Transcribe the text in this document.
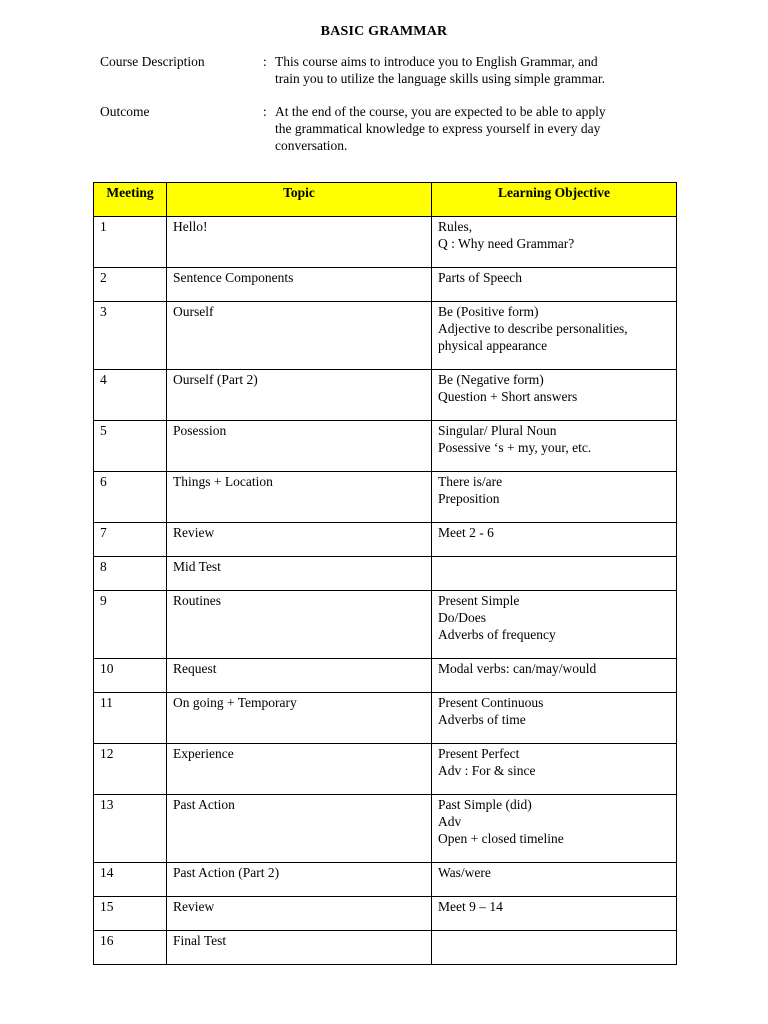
BASIC GRAMMAR
Course Description	: This course aims to introduce you to English Grammar, and
train you to utilize the language skills using simple grammar.
Outcome	: At the end of the course, you are expected to be able to apply
the grammatical knowledge to express yourself in every day
conversation.
Meeting	Topic	Learning Objective
1	Hello!	Rules,
Q : Why need Grammar?

2	Sentence Components	Parts of Speech

3	Ourself	Be (Positive form)
Adjective to describe personalities,
physical appearance

4	Ourself (Part 2)	Be (Negative form)
Question + Short answers

5	Posession	Singular/ Plural Noun
Posessive ‘s + my, your, etc.

6	Things + Location	There is/are
Preposition

7	Review	Meet 2 - 6

8	Mid Test	
9	Routines	Present Simple
Do/Does
Adverbs of frequency

10	Request	Modal verbs: can/may/would

11	On going + Temporary	Present Continuous
Adverbs of time

12	Experience	Present Perfect
Adv : For & since

13	Past Action	Past Simple (did)
Adv
Open + closed timeline

14	Past Action (Part 2)	Was/were

15	Review	Meet 9 – 14

16	Final Test	
